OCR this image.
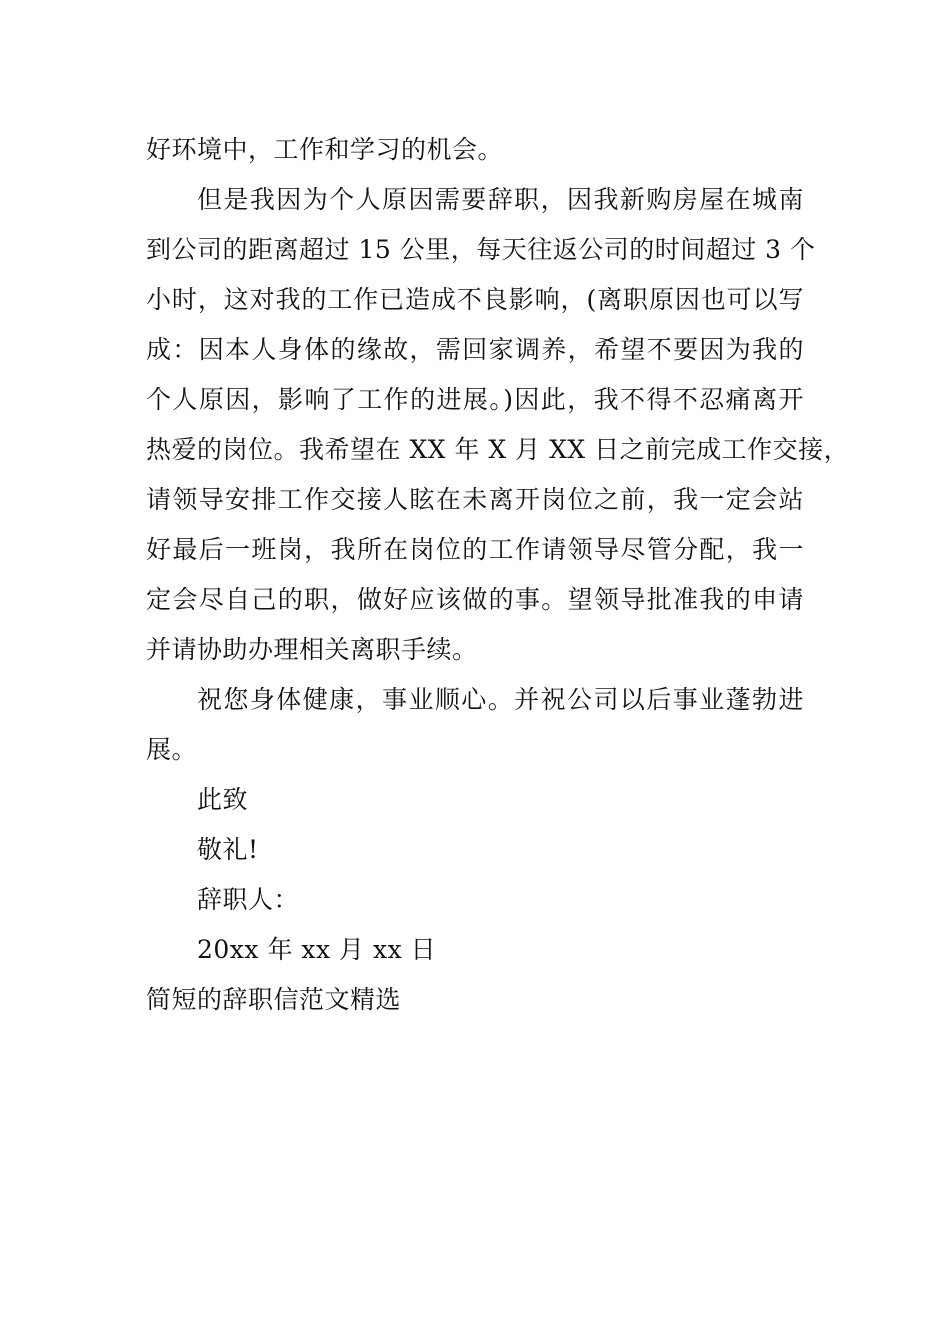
好环境中，工作和学习的机会。
但是我因为个人原因需要辞职，因我新购房屋在城南
到公司的距离超过 15 公里，每天往返公司的时间超过 3 个
小时，这对我的工作已造成不良影响，(离职原因也可以写
成：因本人身体的缘故，需回家调养，希望不要因为我的
个人原因，影响了工作的进展。)因此，我不得不忍痛离开
热爱的岗位。我希望在 XX 年 X 月 XX 日之前完成工作交接，
请领导安排工作交接人眩在未离开岗位之前，我一定会站
好最后一班岗，我所在岗位的工作请领导尽管分配，我一
定会尽自己的职，做好应该做的事。望领导批准我的申请
并请协助办理相关离职手续。
祝您身体健康，事业顺心。并祝公司以后事业蓬勃进
展。
此致
敬礼!
辞职人：
20xx 年 xx 月 xx 日
简短的辞职信范文精选
